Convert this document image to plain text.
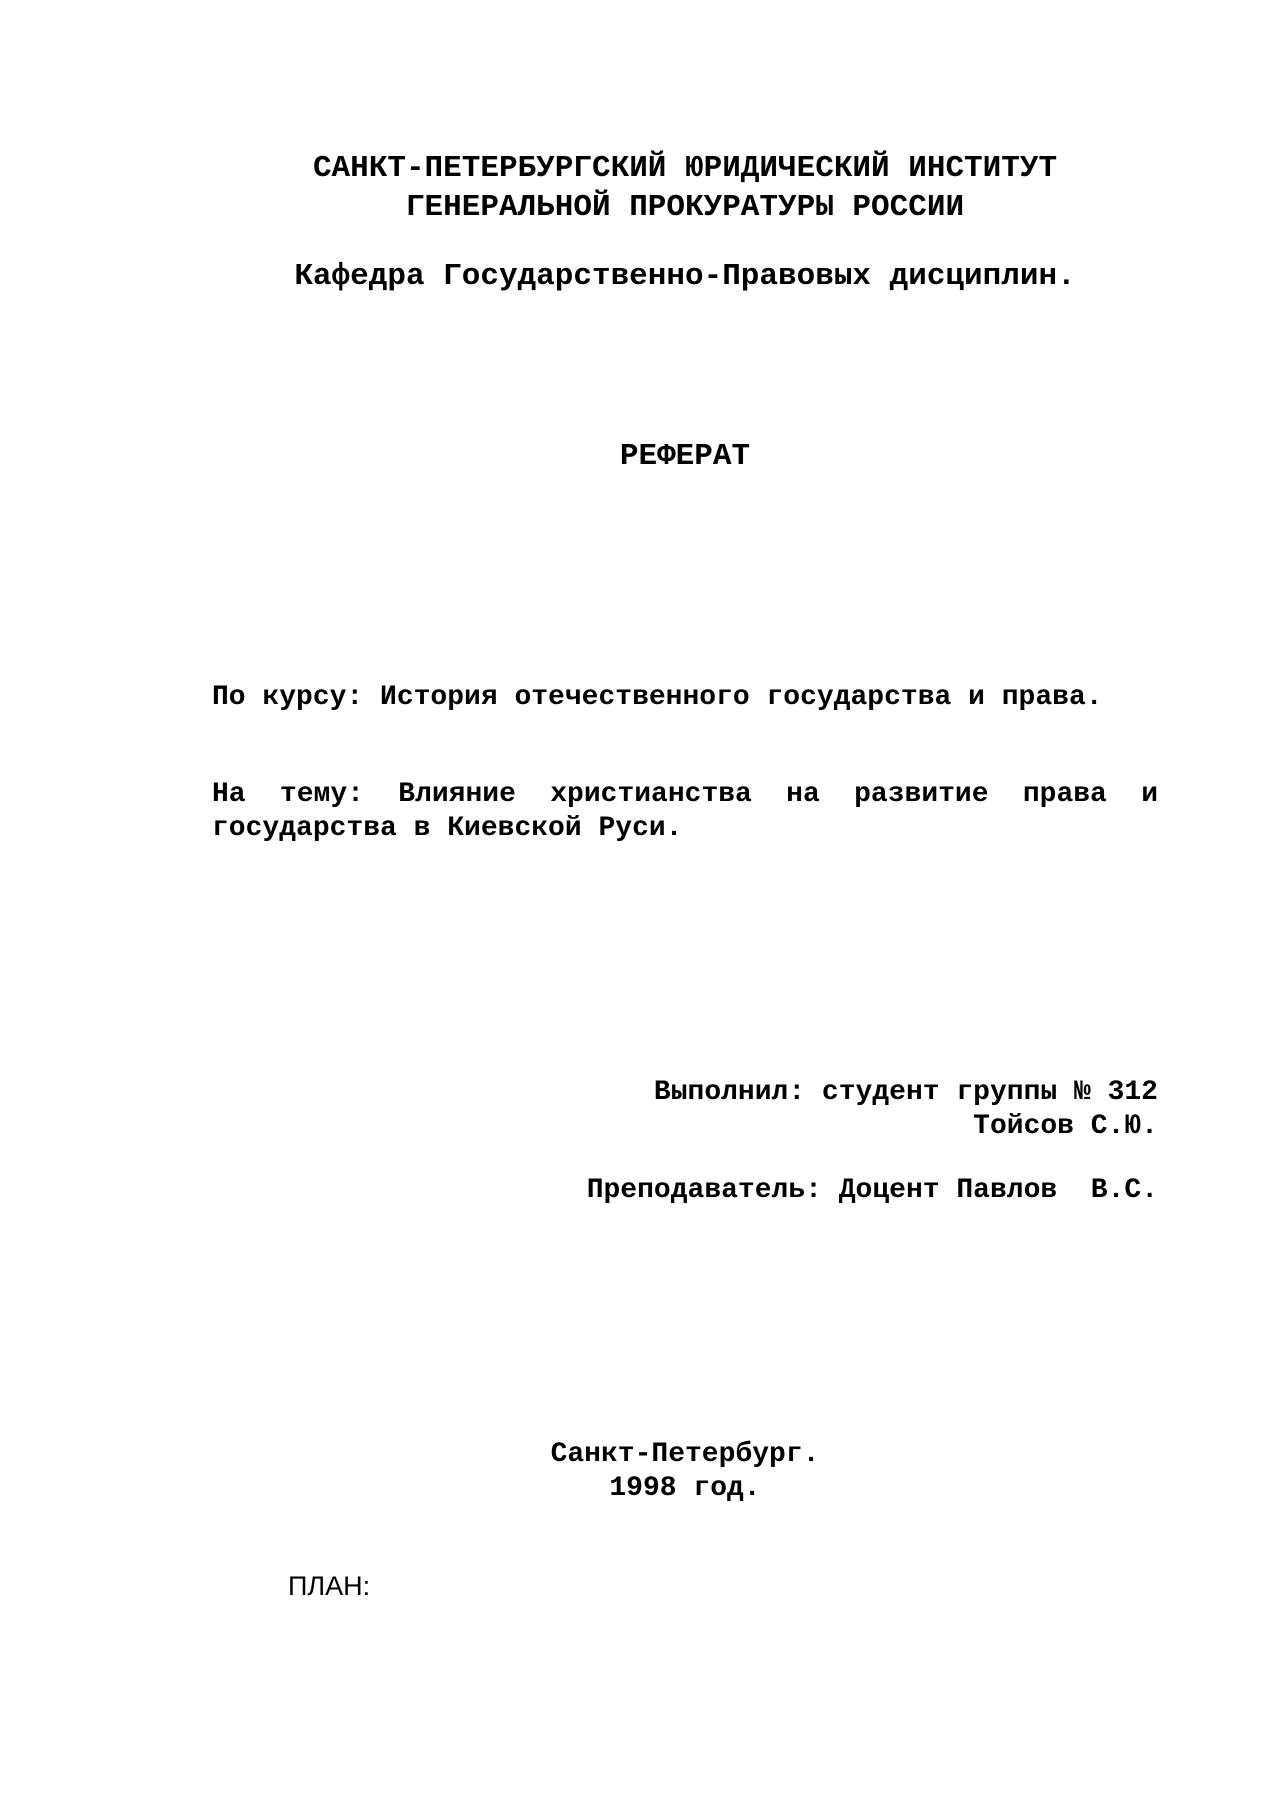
САНКТ-ПЕТЕРБУРГСКИЙ ЮРИДИЧЕСКИЙ ИНСТИТУТ
ГЕНЕРАЛЬНОЙ ПРОКУРАТУРЫ РОССИИ
Кафедра Государственно-Правовых дисциплин.
РЕФЕРАТ
По курсу: История отечественного государства и права.
На тему: Влияние христианства на развитие права и государства в Киевской Руси.
Выполнил: студент группы № 312
Тойсов С.Ю.
Преподаватель: Доцент Павлов  В.С.
Санкт-Петербург.
1998 год.
ПЛАН:
